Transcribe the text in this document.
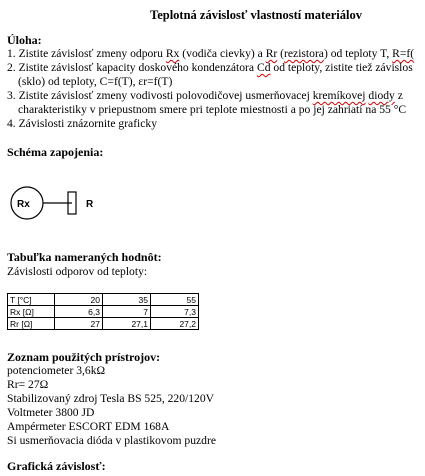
Teplotná závislosť vlastností materiálov
Úloha:
1. Zistite závislosť zmeny odporu Rx (vodiča cievky) a Rr (rezistora) od teploty T, R=f(
2. Zistite závislosť kapacity doskového kondenzátora Cd od teploty, zistite tiež závislos
(sklo) od teploty, C=f(T), εr=f(T)
3. Zistite závislosť zmeny vodivosti polovodičovej usmerňovacej kremíkovej diody z
charakteristiky v priepustnom smere pri teplote miestnosti a po jej zahriatí na 55 °C
4. Závislosti znázornite graficky
Schéma zapojenia:
Rx	R
Tabuľka nameraných hodnôt:
Závislosti odporov od teploty:
T [°C]	20	35	55
Rx [Ω]	6,3	7	7,3
Rr [Ω]	27	27,1	27,2
Zoznam použitých prístrojov:
potenciometer 3,6kΩ
Rr= 27Ω
Stabilizovaný zdroj Tesla BS 525, 220/120V
Voltmeter 3800 JD
Ampérmeter ESCORT EDM 168A
Si usmerňovacia dióda v plastikovom puzdre
Grafická závislosť:
